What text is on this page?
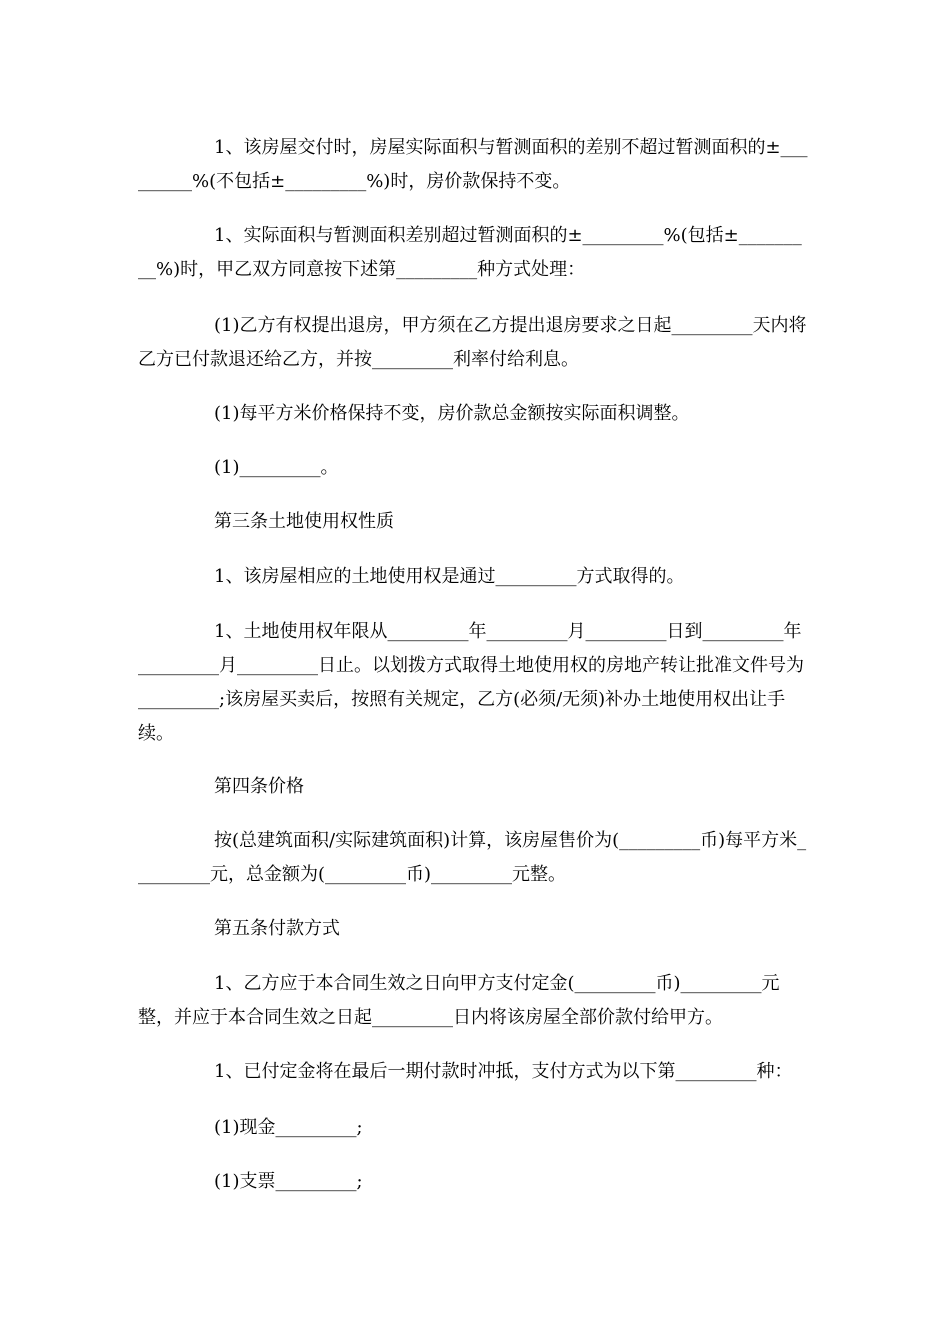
1、该房屋交付时，房屋实际面积与暂测面积的差别不超过暂测面积的±_________%(不包括±_________%)时，房价款保持不变。

1、实际面积与暂测面积差别超过暂测面积的±_________%(包括±_________%)时，甲乙双方同意按下述第_________种方式处理：

(1)乙方有权提出退房，甲方须在乙方提出退房要求之日起_________天内将乙方已付款退还给乙方，并按_________利率付给利息。

(1)每平方米价格保持不变，房价款总金额按实际面积调整。

(1)_________。

第三条土地使用权性质

1、该房屋相应的土地使用权是通过_________方式取得的。

1、土地使用权年限从_________年_________月_________日到_________年_________月_________日止。以划拨方式取得土地使用权的房地产转让批准文件号为_________;该房屋买卖后，按照有关规定，乙方(必须/无须)补办土地使用权出让手续。

第四条价格

按(总建筑面积/实际建筑面积)计算，该房屋售价为(_________币)每平方米_________元，总金额为(_________币)_________元整。

第五条付款方式

1、乙方应于本合同生效之日向甲方支付定金(_________币)_________元整，并应于本合同生效之日起_________日内将该房屋全部价款付给甲方。

1、已付定金将在最后一期付款时冲抵，支付方式为以下第_________种：

(1)现金_________;

(1)支票_________;
